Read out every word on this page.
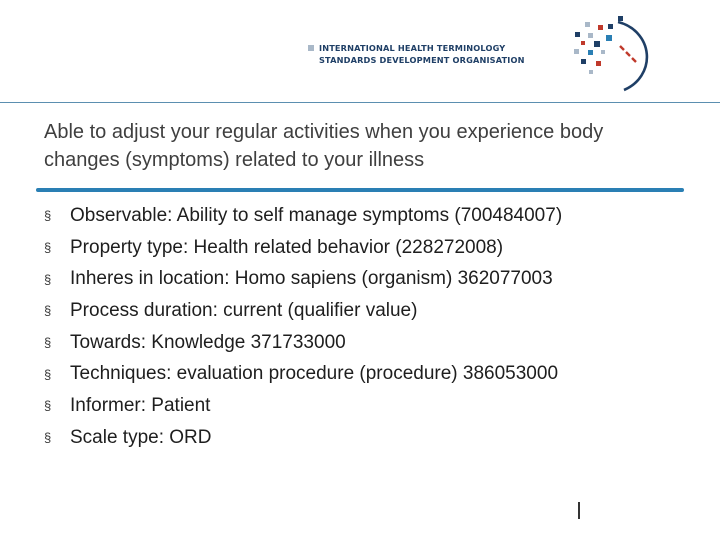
INTERNATIONAL HEALTH TERMINOLOGY
STANDARDS DEVELOPMENT ORGANISATION
Able to adjust your regular activities when you experience body changes (symptoms) related to your illness
§ Observable: Ability to self manage symptoms (700484007)
§ Property type: Health related behavior (228272008)
§ Inheres in location: Homo sapiens (organism) 362077003
§ Process duration: current (qualifier value)
§ Towards: Knowledge 371733000
§ Techniques: evaluation procedure (procedure) 386053000
§ Informer: Patient
§ Scale type: ORD
